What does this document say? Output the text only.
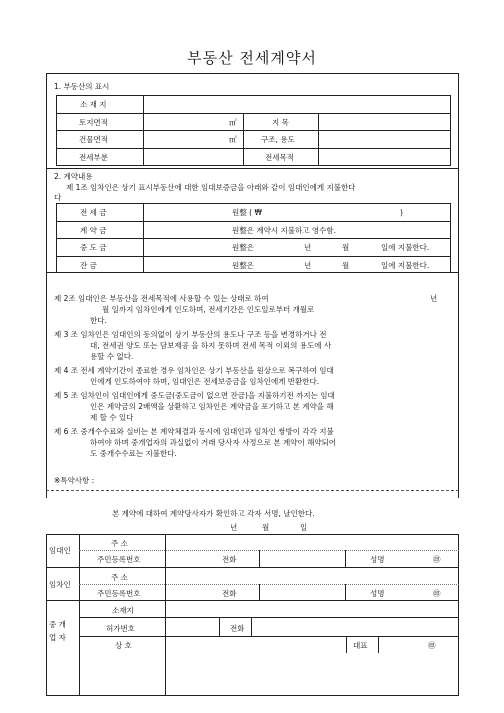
부동산 전세계약서
1. 부동산의 표시
소 재 지
토지면적	㎡	지 목
건물면적	㎡	구조, 용도
전세부분	전세목적
2. 계약내용
제 1조 임차인은 상기 표시부동산에 대한 임대보증금을 아래와 같이 임대인에게 지불한다
다
전 세 금	원整 ( ₩	)
계 약 금	원整은 계약시 지불하고 영수함.
중 도 금	원整은	년	월	일에 지불한다.
잔 금	원整은	년	월	일에 지불한다.
제 2조 임대인은 부동산을 전세목적에 사용할 수 있는 상태로 하여	년
월 일까지 임차인에게 인도하며, 전세기간은 인도일로부터 개월로
한다.
제 3 조 임차인은 임대인의 동의없이 상기 부동산의 용도나 구조 등을 변경하거나 전
대, 전세권 양도 또는 담보제공 을 하지 못하며 전세 목적 이외의 용도에 사
용할 수 없다.
제 4 조 전세 계약기간이 종료한 경우 임차인은 상기 부동산을 원상으로 복구하여 임대
인에게 인도하여야 하며, 임대인은 전세보증금을 임차인에게 반환한다.
제 5 조 임차인이 임대인에게 중도금(중도금이 없으면 잔금)을 지불하기전 까지는 임대
인은 계약금의 2배액을 상환하고 임차인은 계약금을 포기하고 본 계약을 해
제 할 수 있다
제 6 조 중개수수료와 실비는 본 계약체결과 동시에 임대인과 임차인 쌍방이 각각 지불
하여야 하며 중개업자의 과실없이 거래 당사자 사정으로 본 계약이 해약되어
도 중개수수료는 지불한다.
※특약사항 :
본 계약에 대하여 계약당사자가 확인하고 각자 서명, 날인한다.
년	월	일
임대인
주 소
주민등록번호	전화	성명	㊞
임차인
주 소
주민등록번호	전화	성명	㊞
중 개
업 자
소재지
허가번호	전화
상 호	대표	㊞
